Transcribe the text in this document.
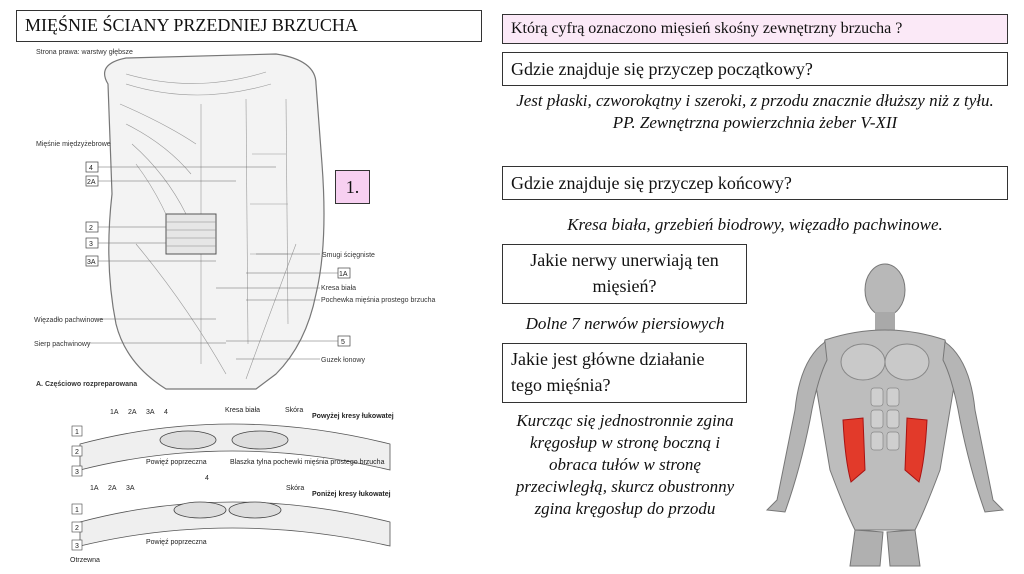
MIĘŚNIE ŚCIANY PRZEDNIEJ BRZUCHA
Strona prawa: warstwy głębsze
Mięśnie międzyżebrowe
4
2A
2
3
3A
Więzadło pachwinowe
Sierp pachwinowy
Smugi ścięgniste
1A
Kresa biała
Pochewka mięśnia prostego brzucha
5
Guzek łonowy
A. Częściowo rozpreparowana
1.
1A 2A 3A 4	Kresa biała	Skóra
Powyżej kresy łukowatej
1
2
3
Powięź poprzeczna	Blaszka tylna pochewki mięśnia prostego brzucha
1A 2A 3A
4
Skóra
Poniżej kresy łukowatej
1
2
3
Powięź poprzeczna
Otrzewna
Którą cyfrą oznaczono mięsień skośny zewnętrzny brzucha ?
Gdzie znajduje się przyczep początkowy?
Jest płaski, czworokątny i szeroki, z przodu znacznie dłuższy niż z tyłu.
PP. Zewnętrzna powierzchnia żeber V-XII
Gdzie znajduje się przyczep końcowy?
Kresa biała, grzebień biodrowy, więzadło pachwinowe.
Jakie nerwy unerwiają ten mięsień?
Dolne 7 nerwów piersiowych
Jakie jest główne działanie tego mięśnia?
Kurcząc się jednostronnie zgina kręgosłup w stronę boczną i obraca tułów w stronę przeciwległą, skurcz obustronny zgina kręgosłup do przodu
